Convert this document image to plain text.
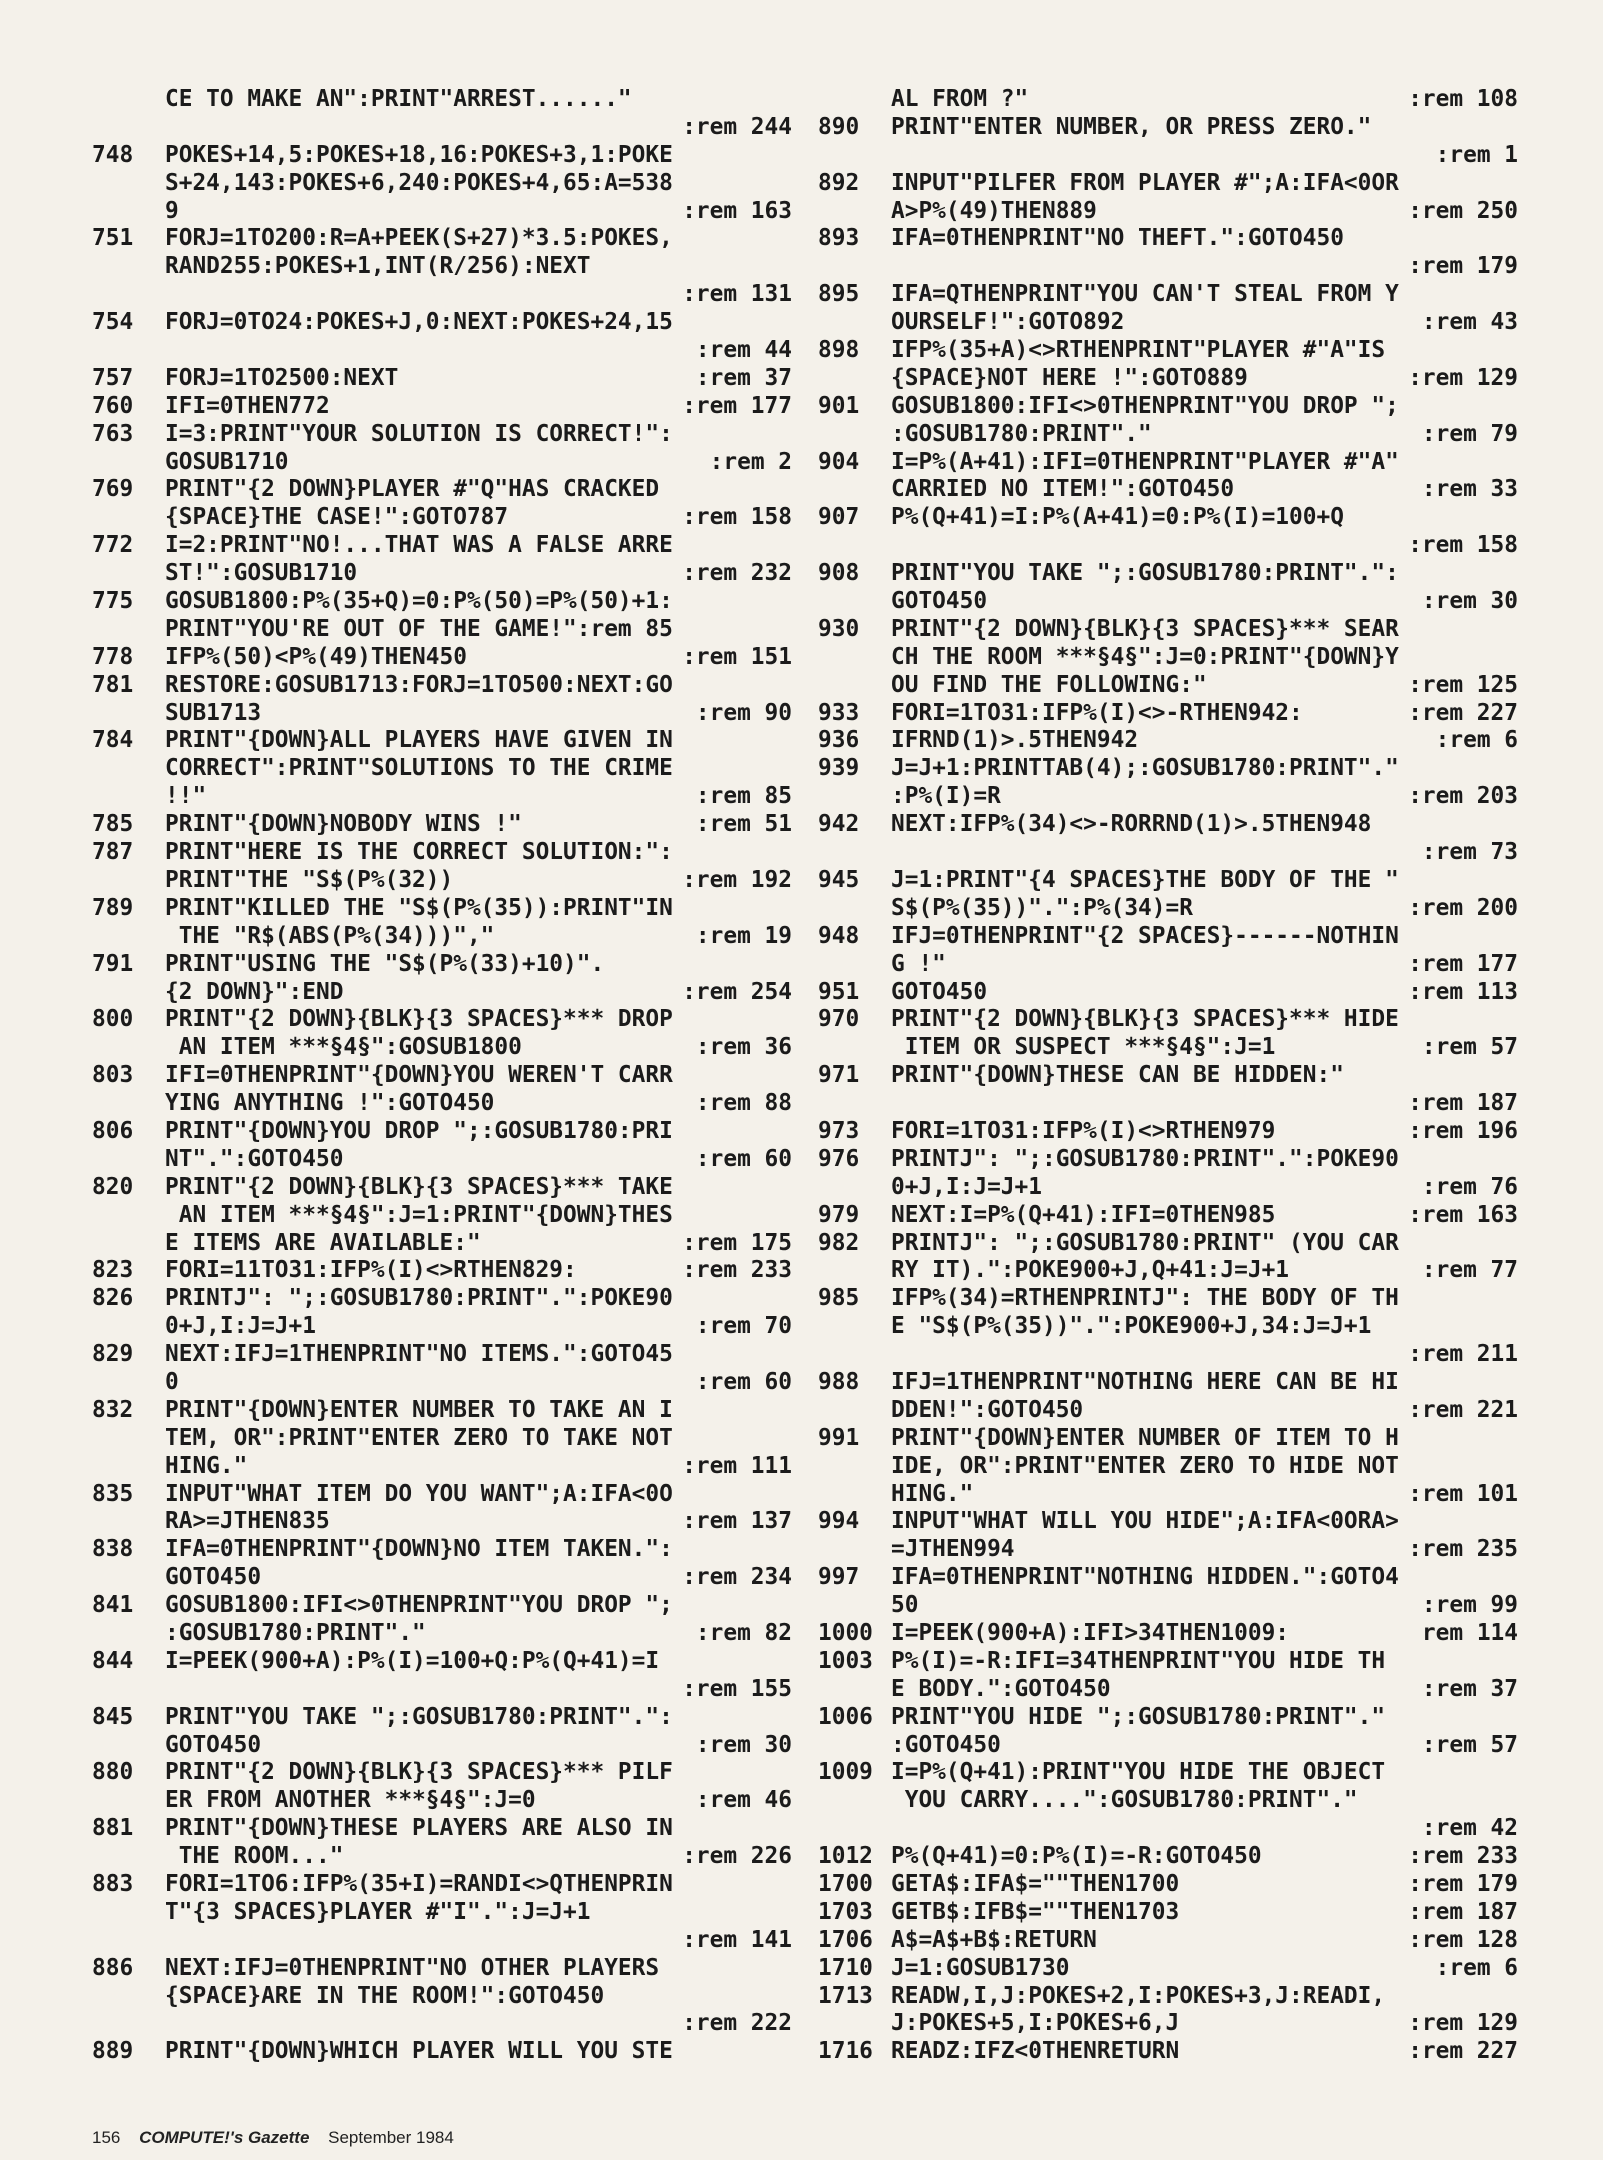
CE TO MAKE AN":PRINT"ARREST......"
:rem 244
748 POKES+14,5:POKES+18,16:POKES+3,1:POKE
S+24,143:POKES+6,240:POKES+4,65:A=538
9	:rem 163
751 FORJ=1TO200:R=A+PEEK(S+27)*3.5:POKES,
RAND255:POKES+1,INT(R/256):NEXT
:rem 131
754 FORJ=0TO24:POKES+J,0:NEXT:POKES+24,15
:rem 44
757 FORJ=1TO2500:NEXT	:rem 37
760 IFI=0THEN772	:rem 177
763 I=3:PRINT"YOUR SOLUTION IS CORRECT!":
GOSUB1710	:rem 2
769 PRINT"{2 DOWN}PLAYER #"Q"HAS CRACKED
{SPACE}THE CASE!":GOTO787	:rem 158
772 I=2:PRINT"NO!...THAT WAS A FALSE ARRE
ST!":GOSUB1710	:rem 232
775 GOSUB1800:P%(35+Q)=0:P%(50)=P%(50)+1:
PRINT"YOU'RE OUT OF THE GAME!":rem 85
778 IFP%(50)<P%(49)THEN450	:rem 151
781 RESTORE:GOSUB1713:FORJ=1TO500:NEXT:GO
SUB1713	:rem 90
784 PRINT"{DOWN}ALL PLAYERS HAVE GIVEN IN
CORRECT":PRINT"SOLUTIONS TO THE CRIME
!!"	:rem 85
785 PRINT"{DOWN}NOBODY WINS !"	:rem 51
787 PRINT"HERE IS THE CORRECT SOLUTION:":
PRINT"THE "S$(P%(32))	:rem 192
789 PRINT"KILLED THE "S$(P%(35)):PRINT"IN
THE "R$(ABS(P%(34)))","	:rem 19
791 PRINT"USING THE "S$(P%(33)+10)".
{2 DOWN}":END	:rem 254
800 PRINT"{2 DOWN}{BLK}{3 SPACES}*** DROP
AN ITEM ***§4§":GOSUB1800	:rem 36
803 IFI=0THENPRINT"{DOWN}YOU WEREN'T CARR
YING ANYTHING !":GOTO450	:rem 88
806 PRINT"{DOWN}YOU DROP ";:GOSUB1780:PRI
NT".":GOTO450	:rem 60
820 PRINT"{2 DOWN}{BLK}{3 SPACES}*** TAKE
AN ITEM ***§4§":J=1:PRINT"{DOWN}THES
E ITEMS ARE AVAILABLE:"	:rem 175
823 FORI=11TO31:IFP%(I)<>RTHEN829:	:rem 233
826 PRINTJ": ";:GOSUB1780:PRINT".":POKE90
0+J,I:J=J+1	:rem 70
829 NEXT:IFJ=1THENPRINT"NO ITEMS.":GOTO45
0	:rem 60
832 PRINT"{DOWN}ENTER NUMBER TO TAKE AN I
TEM, OR":PRINT"ENTER ZERO TO TAKE NOT
HING."	:rem 111
835 INPUT"WHAT ITEM DO YOU WANT";A:IFA<0O
RA>=JTHEN835	:rem 137
838 IFA=0THENPRINT"{DOWN}NO ITEM TAKEN.":
GOTO450	:rem 234
841 GOSUB1800:IFI<>0THENPRINT"YOU DROP ";
:GOSUB1780:PRINT"."	:rem 82
844 I=PEEK(900+A):P%(I)=100+Q:P%(Q+41)=I
:rem 155
845 PRINT"YOU TAKE ";:GOSUB1780:PRINT".":
GOTO450	:rem 30
880 PRINT"{2 DOWN}{BLK}{3 SPACES}*** PILF
ER FROM ANOTHER ***§4§":J=0	:rem 46
881 PRINT"{DOWN}THESE PLAYERS ARE ALSO IN
THE ROOM..."	:rem 226
883 FORI=1TO6:IFP%(35+I)=RANDI<>QTHENPRIN
T"{3 SPACES}PLAYER #"I".":J=J+1
:rem 141
886 NEXT:IFJ=0THENPRINT"NO OTHER PLAYERS
{SPACE}ARE IN THE ROOM!":GOTO450
:rem 222
889 PRINT"{DOWN}WHICH PLAYER WILL YOU STE
AL FROM ?"	:rem 108
890 PRINT"ENTER NUMBER, OR PRESS ZERO."
:rem 1
892 INPUT"PILFER FROM PLAYER #";A:IFA<0OR
A>P%(49)THEN889	:rem 250
893 IFA=0THENPRINT"NO THEFT.":GOTO450
:rem 179
895 IFA=QTHENPRINT"YOU CAN'T STEAL FROM Y
OURSELF!":GOTO892	:rem 43
898 IFP%(35+A)<>RTHENPRINT"PLAYER #"A"IS
{SPACE}NOT HERE !":GOTO889	:rem 129
901 GOSUB1800:IFI<>0THENPRINT"YOU DROP ";
:GOSUB1780:PRINT"."	:rem 79
904 I=P%(A+41):IFI=0THENPRINT"PLAYER #"A"
CARRIED NO ITEM!":GOTO450	:rem 33
907 P%(Q+41)=I:P%(A+41)=0:P%(I)=100+Q
:rem 158
908 PRINT"YOU TAKE ";:GOSUB1780:PRINT".":
GOTO450	:rem 30
930 PRINT"{2 DOWN}{BLK}{3 SPACES}*** SEAR
CH THE ROOM ***§4§":J=0:PRINT"{DOWN}Y
OU FIND THE FOLLOWING:"	:rem 125
933 FORI=1TO31:IFP%(I)<>-RTHEN942:	:rem 227
936 IFRND(1)>.5THEN942	:rem 6
939 J=J+1:PRINTTAB(4);:GOSUB1780:PRINT"."
:P%(I)=R	:rem 203
942 NEXT:IFP%(34)<>-RORRND(1)>.5THEN948
:rem 73
945 J=1:PRINT"{4 SPACES}THE BODY OF THE "
S$(P%(35))".":P%(34)=R	:rem 200
948 IFJ=0THENPRINT"{2 SPACES}------NOTHIN
G !"	:rem 177
951 GOTO450	:rem 113
970 PRINT"{2 DOWN}{BLK}{3 SPACES}*** HIDE
ITEM OR SUSPECT ***§4§":J=1	:rem 57
971 PRINT"{DOWN}THESE CAN BE HIDDEN:"
:rem 187
973 FORI=1TO31:IFP%(I)<>RTHEN979	:rem 196
976 PRINTJ": ";:GOSUB1780:PRINT".":POKE90
0+J,I:J=J+1	:rem 76
979 NEXT:I=P%(Q+41):IFI=0THEN985	:rem 163
982 PRINTJ": ";:GOSUB1780:PRINT" (YOU CAR
RY IT).":POKE900+J,Q+41:J=J+1	:rem 77
985 IFP%(34)=RTHENPRINTJ": THE BODY OF TH
E "S$(P%(35))".":POKE900+J,34:J=J+1
:rem 211
988 IFJ=1THENPRINT"NOTHING HERE CAN BE HI
DDEN!":GOTO450	:rem 221
991 PRINT"{DOWN}ENTER NUMBER OF ITEM TO H
IDE, OR":PRINT"ENTER ZERO TO HIDE NOT
HING."	:rem 101
994 INPUT"WHAT WILL YOU HIDE";A:IFA<0ORA>
=JTHEN994	:rem 235
997 IFA=0THENPRINT"NOTHING HIDDEN.":GOTO4
50	:rem 99
1000 I=PEEK(900+A):IFI>34THEN1009:	rem 114
1003 P%(I)=-R:IFI=34THENPRINT"YOU HIDE TH
E BODY.":GOTO450	:rem 37
1006 PRINT"YOU HIDE ";:GOSUB1780:PRINT"."
:GOTO450	:rem 57
1009 I=P%(Q+41):PRINT"YOU HIDE THE OBJECT
YOU CARRY....":GOSUB1780:PRINT"."
:rem 42
1012 P%(Q+41)=0:P%(I)=-R:GOTO450	:rem 233
1700 GETA$:IFA$=""THEN1700	:rem 179
1703 GETB$:IFB$=""THEN1703	:rem 187
1706 A$=A$+B$:RETURN	:rem 128
1710 J=1:GOSUB1730	:rem 6
1713 READW,I,J:POKES+2,I:POKES+3,J:READI,
J:POKES+5,I:POKES+6,J	:rem 129
1716 READZ:IFZ<0THENRETURN	:rem 227
156 COMPUTE!'s Gazette September 1984
